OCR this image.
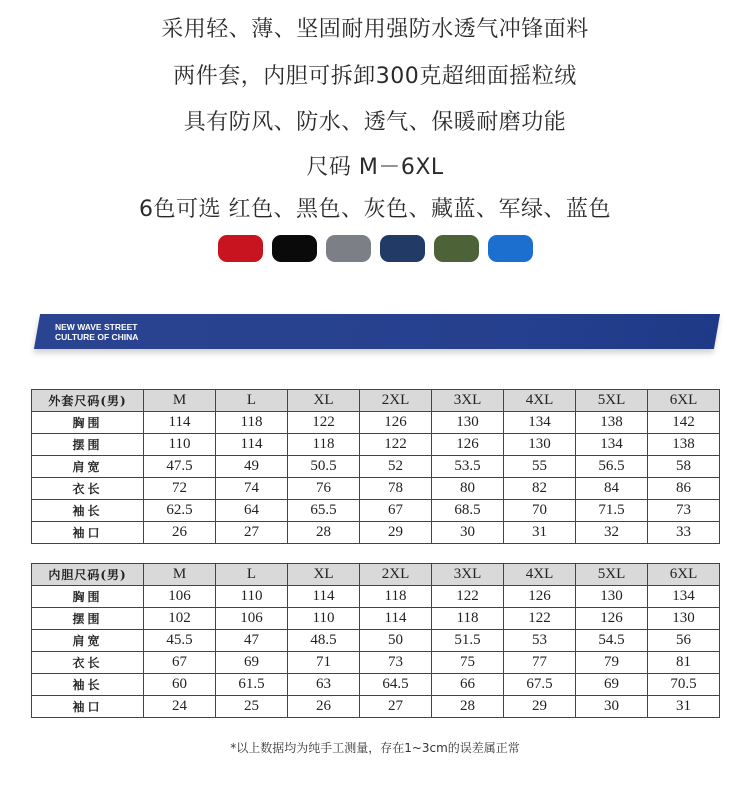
采用轻、薄、坚固耐用强防水透气冲锋面料
两件套，内胆可拆卸300克超细面摇粒绒
具有防风、防水、透气、保暖耐磨功能
尺码 M－6XL
6色可选 红色、黑色、灰色、藏蓝、军绿、蓝色
NEW WAVE STREET
CULTURE OF CHINA
外套尺码(男)	M	L	XL	2XL	3XL	4XL	5XL	6XL
胸围	114	118	122	126	130	134	138	142
摆围	110	114	118	122	126	130	134	138
肩宽	47.5	49	50.5	52	53.5	55	56.5	58
衣长	72	74	76	78	80	82	84	86
袖长	62.5	64	65.5	67	68.5	70	71.5	73
袖口	26	27	28	29	30	31	32	33
内胆尺码(男)	M	L	XL	2XL	3XL	4XL	5XL	6XL
胸围	106	110	114	118	122	126	130	134
摆围	102	106	110	114	118	122	126	130
肩宽	45.5	47	48.5	50	51.5	53	54.5	56
衣长	67	69	71	73	75	77	79	81
袖长	60	61.5	63	64.5	66	67.5	69	70.5
袖口	24	25	26	27	28	29	30	31
*以上数据均为纯手工测量，存在1~3cm的误差属正常
